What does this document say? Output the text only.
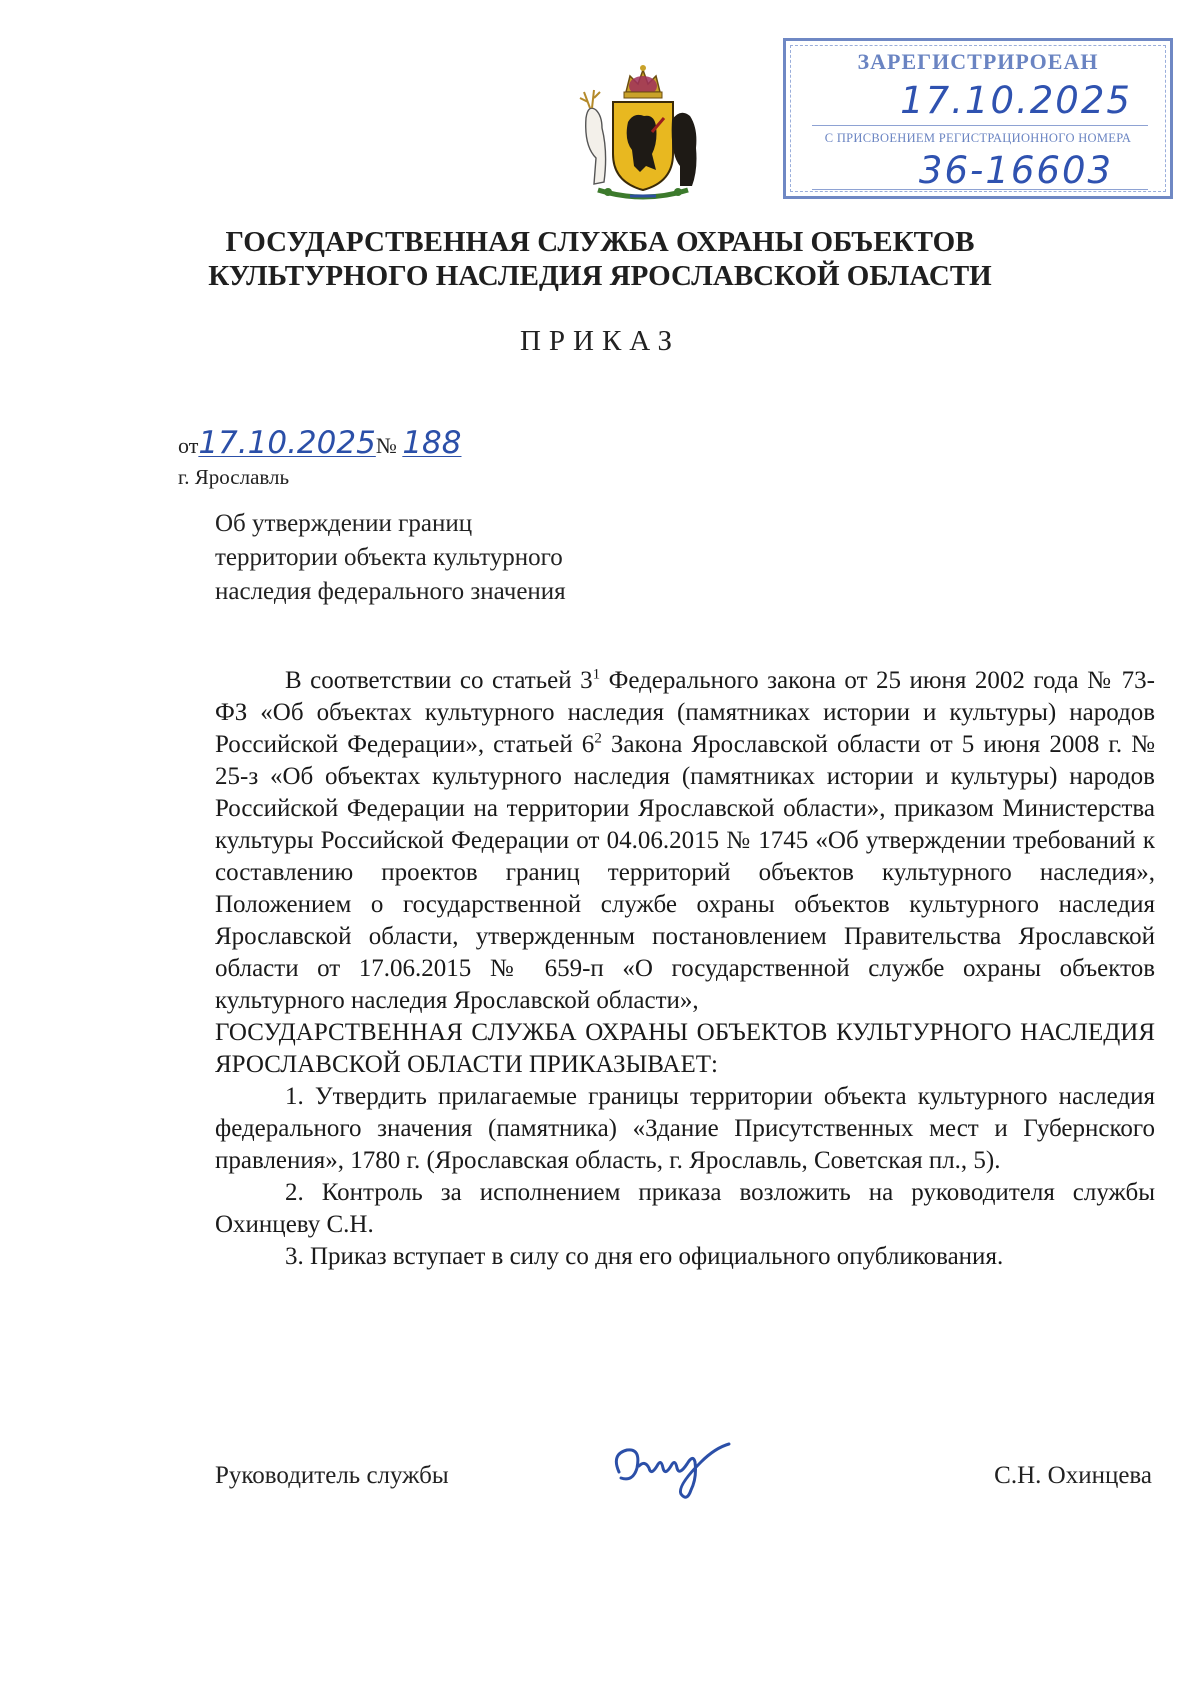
ЗАРЕГИСТРИРОЕАН
17.10.2025
С ПРИСВОЕНИЕМ РЕГИСТРАЦИОННОГО НОМЕРА
36-16603
ГОСУДАРСТВЕННАЯ СЛУЖБА ОХРАНЫ ОБЪЕКТОВ
КУЛЬТУРНОГО НАСЛЕДИЯ ЯРОСЛАВСКОЙ ОБЛАСТИ
ПРИКАЗ
от17.10.2025№ 188
г. Ярославль
Об утверждении границ
территории объекта культурного
наследия федерального значения

В соответствии со статьей $3^1$ Федерального закона от 25 июня 2002 года № 73-ФЗ «Об объектах культурного наследия (памятниках истории и культуры) народов Российской Федерации», статьей $6^2$ Закона Ярославской области от 5 июня 2008 г. № 25-з «Об объектах культурного наследия (памятниках истории и культуры) народов Российской Федерации на территории Ярославской области», приказом Министерства культуры Российской Федерации от 04.06.2015 № 1745 «Об утверждении требований к составлению проектов границ территорий объектов культурного наследия», Положением о государственной службе охраны объектов культурного наследия Ярославской области, утвержденным постановлением Правительства Ярославской области от 17.06.2015 № 659-п «О государственной службе охраны объектов культурного наследия Ярославской области»,

ГОСУДАРСТВЕННАЯ СЛУЖБА ОХРАНЫ ОБЪЕКТОВ КУЛЬТУРНОГО НАСЛЕДИЯ ЯРОСЛАВСКОЙ ОБЛАСТИ ПРИКАЗЫВАЕТ:

1. Утвердить прилагаемые границы территории объекта культурного наследия федерального значения (памятника) «Здание Присутственных мест и Губернского правления», 1780 г. (Ярославская область, г. Ярославль, Советская пл., 5).

2. Контроль за исполнением приказа возложить на руководителя службы Охинцеву С.Н.

3. Приказ вступает в силу со дня его официального опубликования.

Руководитель службы	С.Н. Охинцева
